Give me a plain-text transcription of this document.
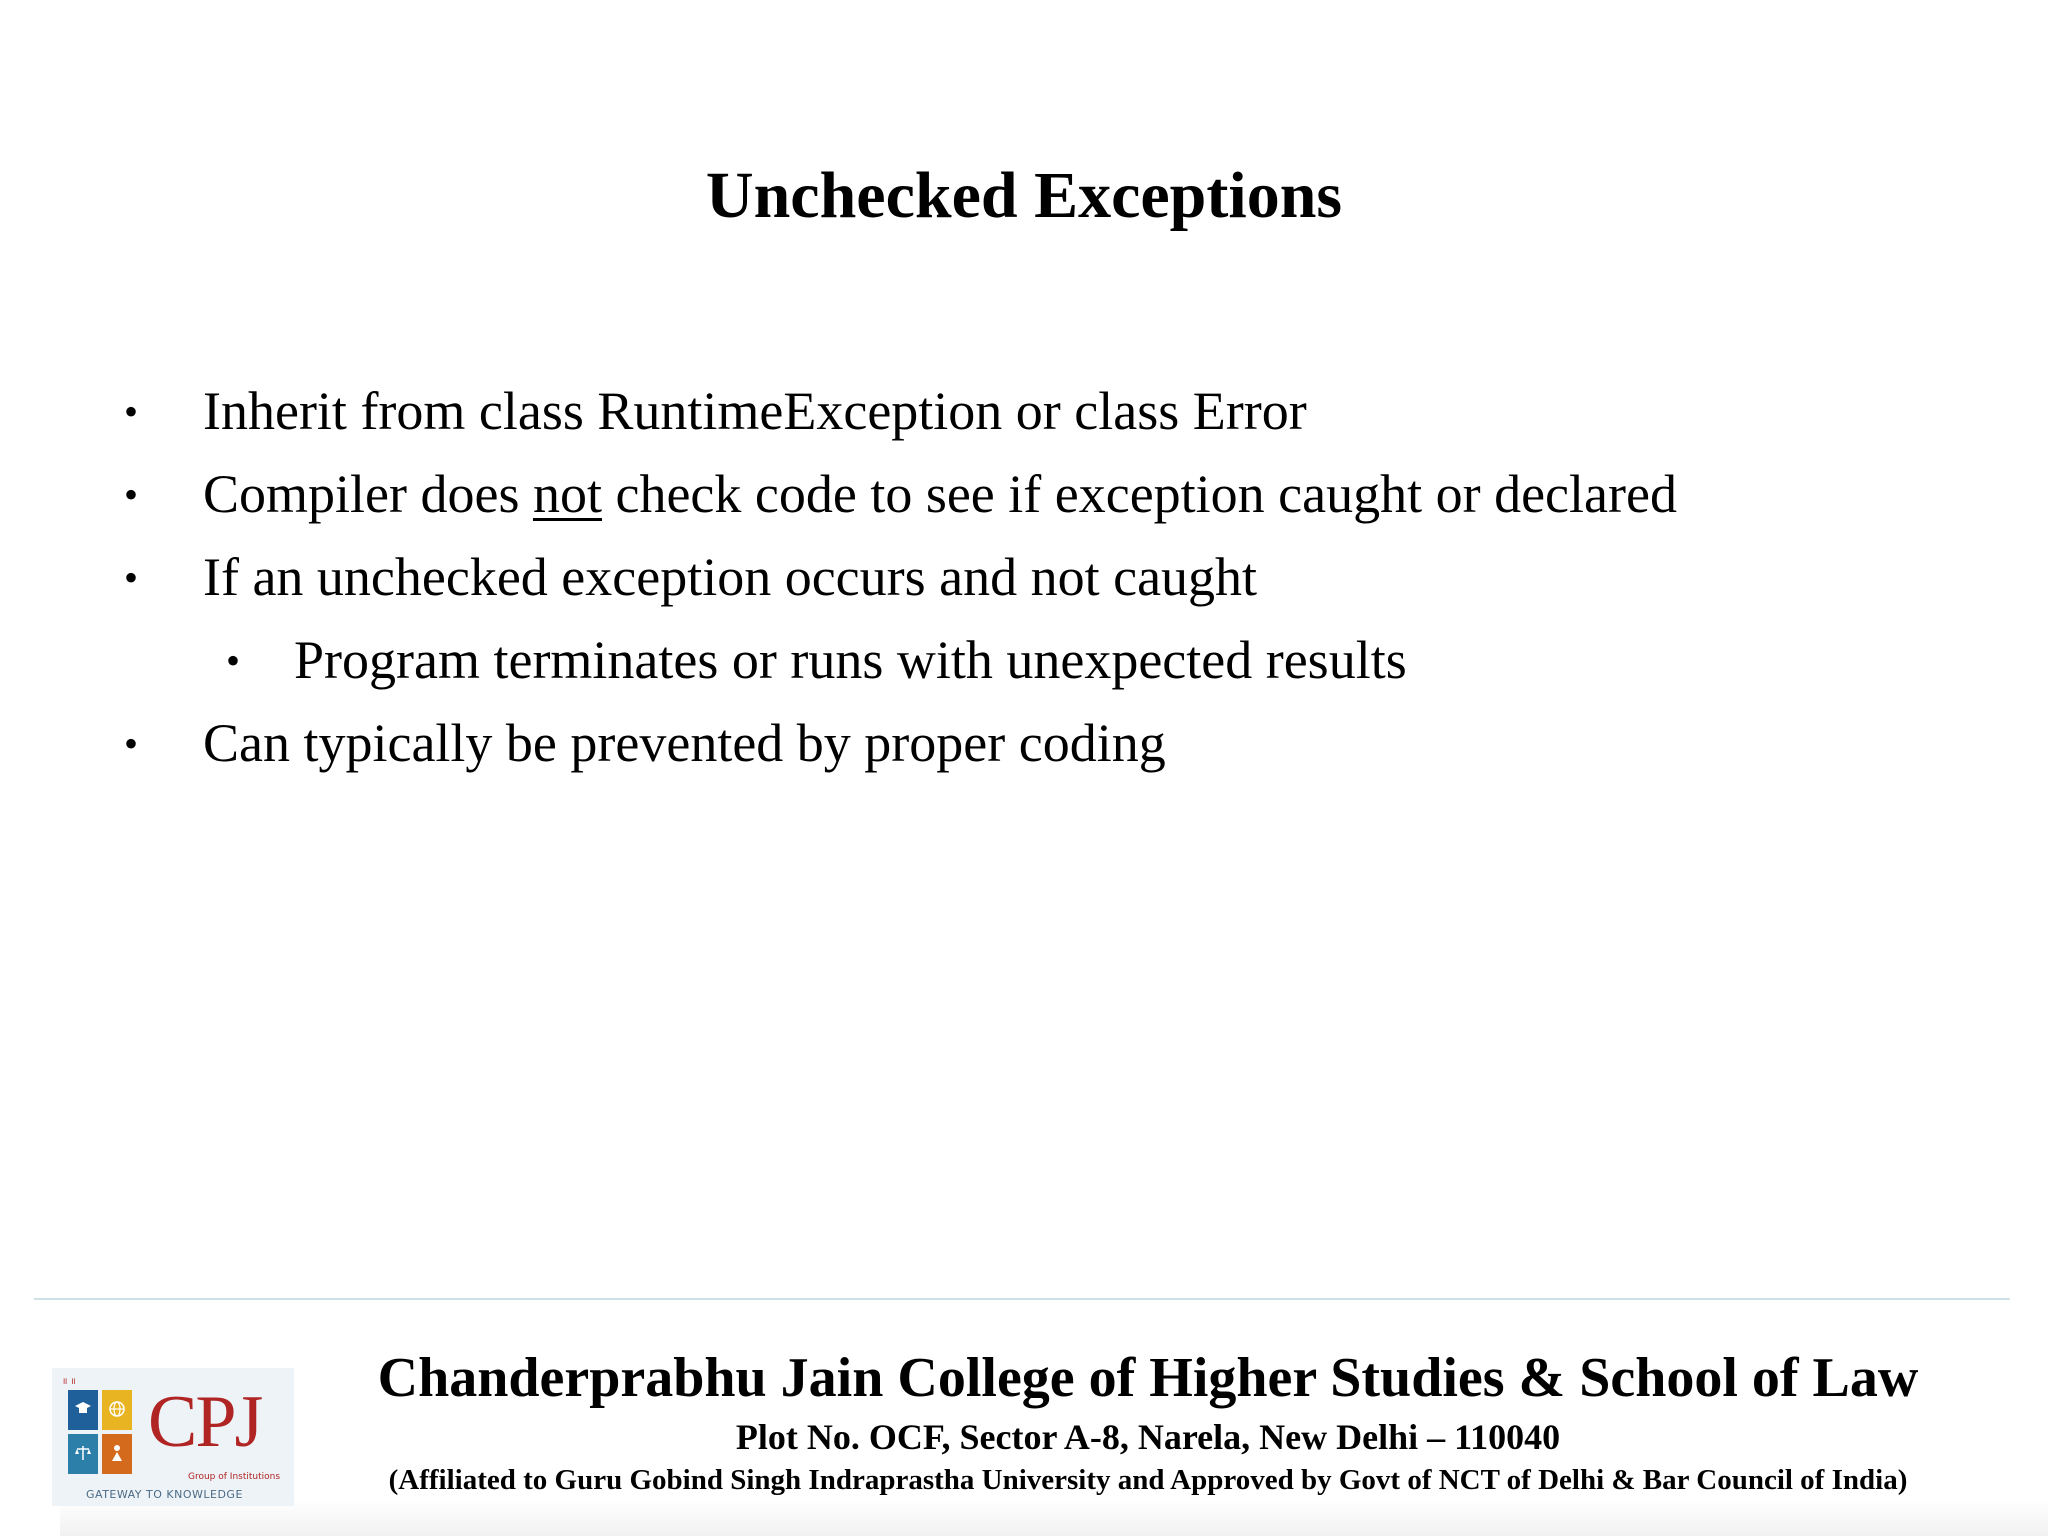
Unchecked Exceptions
• Inherit from class RuntimeException or class Error
• Compiler does not check code to see if exception caught or declared
• If an unchecked exception occurs and not caught
• Program terminates or runs with unexpected results
• Can typically be prevented by proper coding
॥ ॥ CPJ
Group of Institutions
GATEWAY TO KNOWLEDGE
Chanderprabhu Jain College of Higher Studies & School of Law
Plot No. OCF, Sector A-8, Narela, New Delhi – 110040
(Affiliated to Guru Gobind Singh Indraprastha University and Approved by Govt of NCT of Delhi & Bar Council of India)
